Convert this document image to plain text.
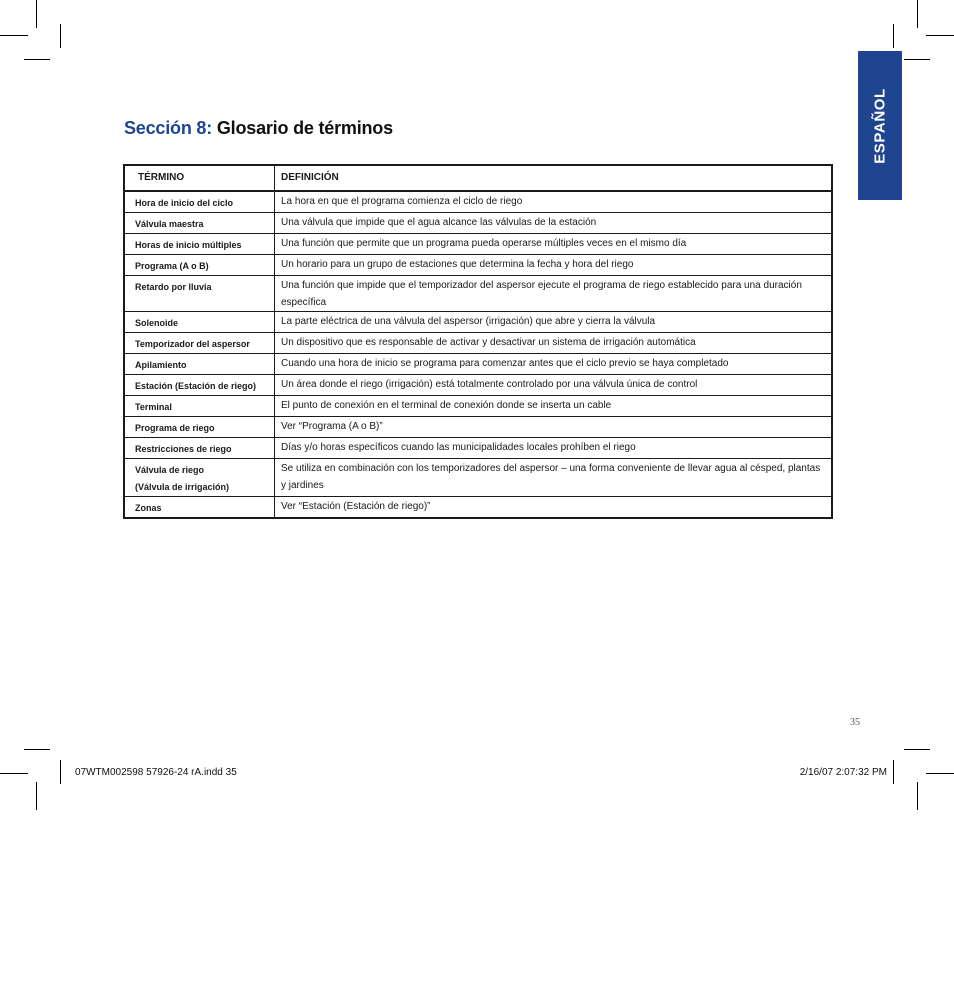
ESPAÑOL
Sección 8: Glosario de términos
TÉRMINO	DEFINICIÓN
Hora de inicio del ciclo	La hora en que el programa comienza el ciclo de riego
Válvula maestra	Una válvula que impide que el agua alcance las válvulas de la estación
Horas de inicio múltiples	Una función que permite que un programa pueda operarse múltiples veces en el mismo día
Programa (A o B)	Un horario para un grupo de estaciones que determina la fecha y hora del riego
Retardo por lluvia	Una función que impide que el temporizador del aspersor ejecute el programa de riego establecido para una duración específica
Solenoide	La parte eléctrica de una válvula del aspersor (irrigación) que abre y cierra la válvula
Temporizador del aspersor	Un dispositivo que es responsable de activar y desactivar un sistema de irrigación automática
Apilamiento	Cuando una hora de inicio se programa para comenzar antes que el ciclo previo se haya completado
Estación (Estación de riego)	Un área donde el riego (irrigación) está totalmente controlado por una válvula única de control
Terminal	El punto de conexión en el terminal de conexión donde se inserta un cable
Programa de riego	Ver “Programa (A o B)”
Restricciones de riego	Días y/o horas específicos cuando las municipalidades locales prohíben el riego

Válvula de riego
(Válvula de irrigación)	Se utiliza en combinación con los temporizadores del aspersor – una forma conveniente de llevar agua al césped, plantas y jardines
Zonas	Ver “Estación (Estación de riego)”
35
07WTM002598 57926-24 rA.indd 35	2/16/07 2:07:32 PM
